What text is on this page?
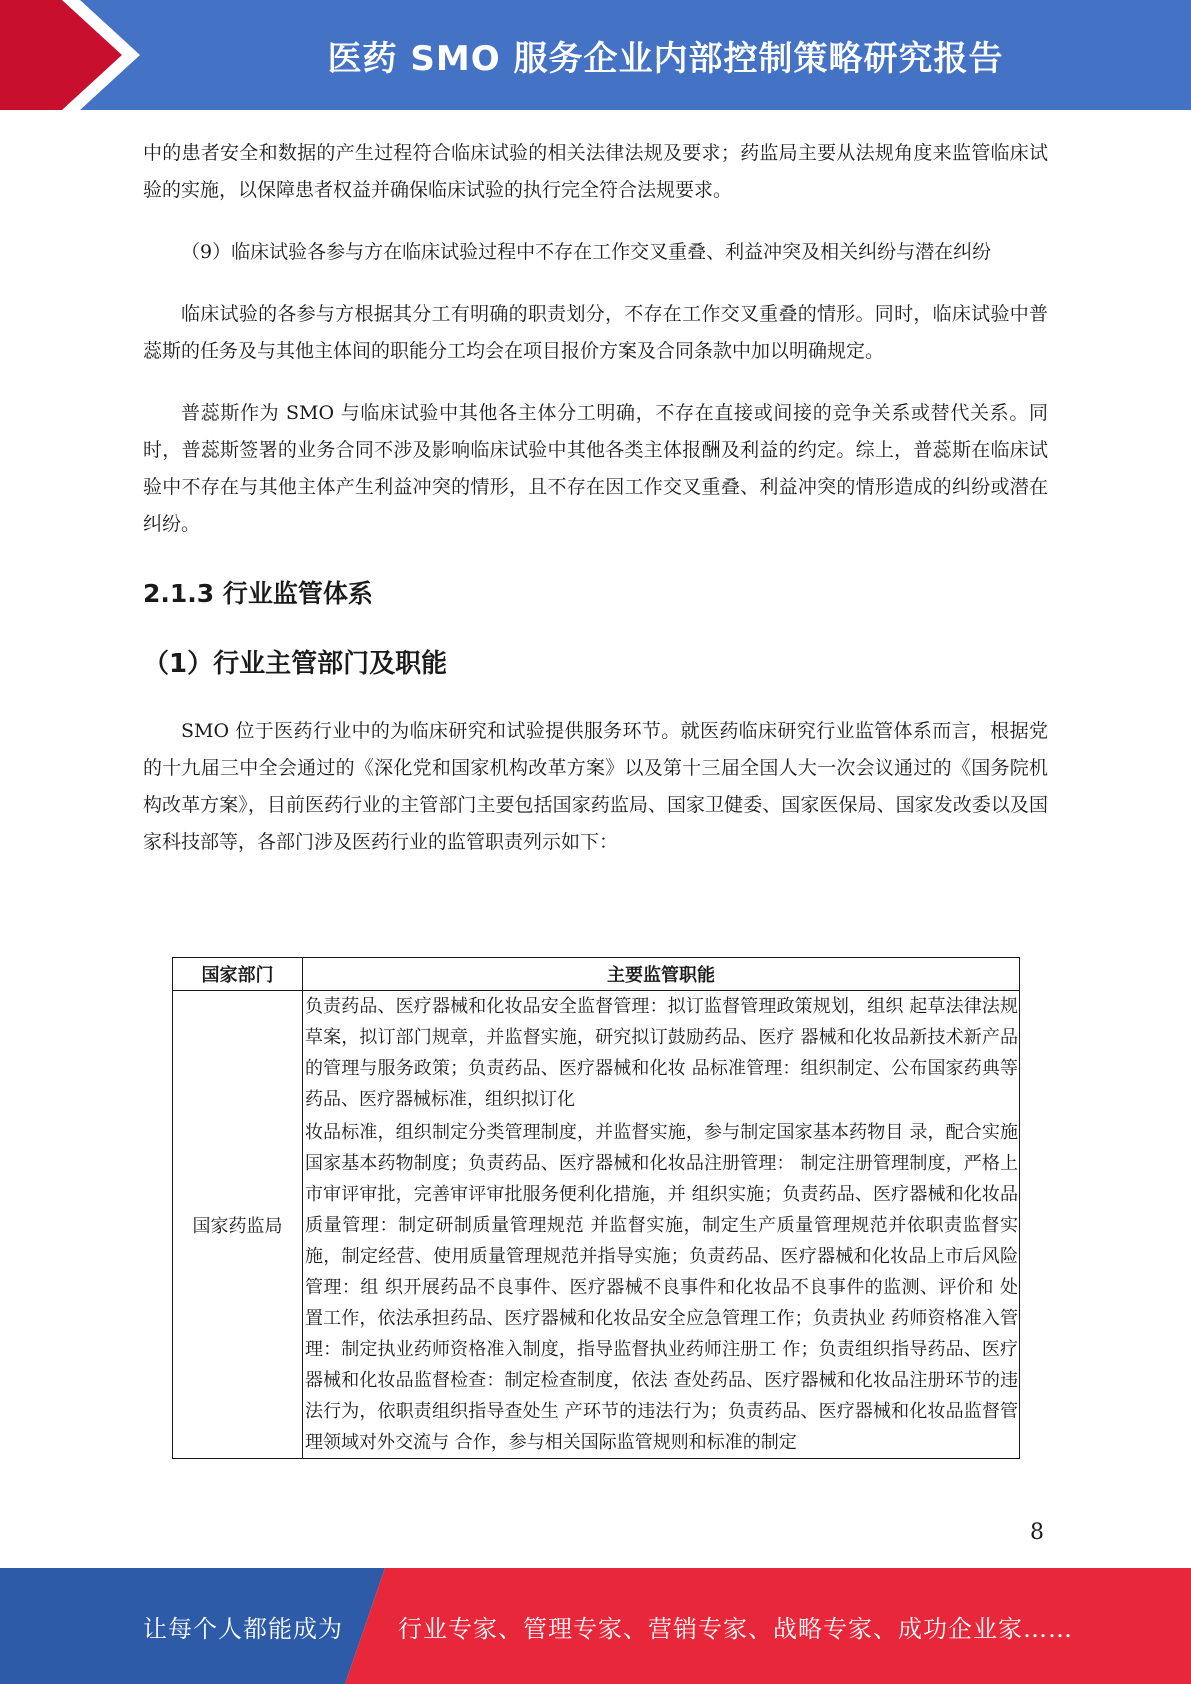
医药 SMO 服务企业内部控制策略研究报告

中的患者安全和数据的产生过程符合临床试验的相关法律法规及要求；药监局主要从法规角度来监管临床试验的实施，以保障患者权益并确保临床试验的执行完全符合法规要求。

（9）临床试验各参与方在临床试验过程中不存在工作交叉重叠、利益冲突及相关纠纷与潜在纠纷

临床试验的各参与方根据其分工有明确的职责划分，不存在工作交叉重叠的情形。同时，临床试验中普蕊斯的任务及与其他主体间的职能分工均会在项目报价方案及合同条款中加以明确规定。

普蕊斯作为 SMO 与临床试验中其他各主体分工明确，不存在直接或间接的竞争关系或替代关系。同时，普蕊斯签署的业务合同不涉及影响临床试验中其他各类主体报酬及利益的约定。综上，普蕊斯在临床试验中不存在与其他主体产生利益冲突的情形，且不存在因工作交叉重叠、利益冲突的情形造成的纠纷或潜在纠纷。

2.1.3 行业监管体系
（1）行业主管部门及职能

SMO 位于医药行业中的为临床研究和试验提供服务环节。就医药临床研究行业监管体系而言，根据党的十九届三中全会通过的《深化党和国家机构改革方案》以及第十三届全国人大一次会议通过的《国务院机构改革方案》，目前医药行业的主管部门主要包括国家药监局、国家卫健委、国家医保局、国家发改委以及国家科技部等，各部门涉及医药行业的监管职责列示如下：

国家部门	主要监管职能
国家药监局	负责药品、医疗器械和化妆品安全监督管理：拟订监督管理政策规划，组织 起草法律法规草案，拟订部门规章，并监督实施，研究拟订鼓励药品、医疗 器械和化妆品新技术新产品的管理与服务政策；负责药品、医疗器械和化妆 品标准管理：组织制定、公布国家药典等药品、医疗器械标准，组织拟订化

妆品标准，组织制定分类管理制度，并监督实施，参与制定国家基本药物目 录，配合实施国家基本药物制度；负责药品、医疗器械和化妆品注册管理： 制定注册管理制度，严格上市审评审批，完善审评审批服务便利化措施，并 组织实施；负责药品、医疗器械和化妆品质量管理：制定研制质量管理规范 并监督实施，制定生产质量管理规范并依职责监督实施，制定经营、使用质量管理规范并指导实施；负责药品、医疗器械和化妆品上市后风险管理：组 织开展药品不良事件、医疗器械不良事件和化妆品不良事件的监测、评价和 处置工作，依法承担药品、医疗器械和化妆品安全应急管理工作；负责执业 药师资格准入管理：制定执业药师资格准入制度，指导监督执业药师注册工 作；负责组织指导药品、医疗器械和化妆品监督检查：制定检查制度，依法 查处药品、医疗器械和化妆品注册环节的违法行为，依职责组织指导查处生 产环节的违法行为；负责药品、医疗器械和化妆品监督管理领域对外交流与 合作，参与相关国际监管规则和标准的制定

8
让每个人都能成为 行业专家、管理专家、营销专家、战略专家、成功企业家……
